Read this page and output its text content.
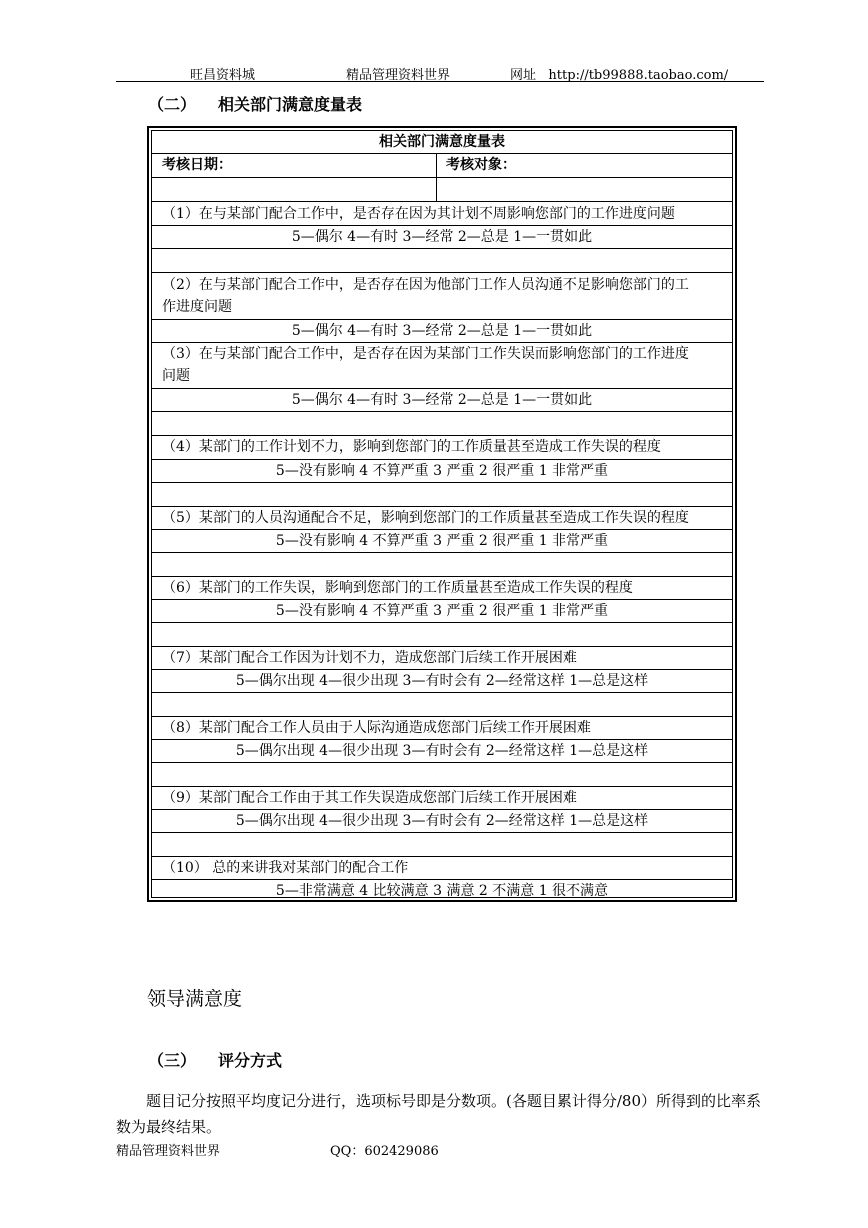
旺昌资料城	精品管理资料世界	网址 http://tb99888.taobao.com/
（二） 相关部门满意度量表
相关部门满意度量表
考核日期：	考核对象：
（1）在与某部门配合工作中，是否存在因为其计划不周影响您部门的工作进度问题
5—偶尔 4—有时 3—经常 2—总是 1—一贯如此
（2）在与某部门配合工作中，是否存在因为他部门工作人员沟通不足影响您部门的工
作进度问题
5—偶尔 4—有时 3—经常 2—总是 1—一贯如此
（3）在与某部门配合工作中，是否存在因为某部门工作失误而影响您部门的工作进度
问题
5—偶尔 4—有时 3—经常 2—总是 1—一贯如此
（4）某部门的工作计划不力，影响到您部门的工作质量甚至造成工作失误的程度
5—没有影响 4 不算严重 3 严重 2 很严重 1 非常严重
（5）某部门的人员沟通配合不足，影响到您部门的工作质量甚至造成工作失误的程度
5—没有影响 4 不算严重 3 严重 2 很严重 1 非常严重
（6）某部门的工作失误，影响到您部门的工作质量甚至造成工作失误的程度
5—没有影响 4 不算严重 3 严重 2 很严重 1 非常严重
（7）某部门配合工作因为计划不力，造成您部门后续工作开展困难
5—偶尔出现 4—很少出现 3—有时会有 2—经常这样 1—总是这样
（8）某部门配合工作人员由于人际沟通造成您部门后续工作开展困难
5—偶尔出现 4—很少出现 3—有时会有 2—经常这样 1—总是这样
（9）某部门配合工作由于其工作失误造成您部门后续工作开展困难
5—偶尔出现 4—很少出现 3—有时会有 2—经常这样 1—总是这样
（10） 总的来讲我对某部门的配合工作
5—非常满意 4 比较满意 3 满意 2 不满意 1 很不满意
领导满意度
（三） 评分方式
题目记分按照平均度记分进行，选项标号即是分数项。(各题目累计得分/80）所得到的比率系数为最终结果。
精品管理资料世界	QQ：602429086
